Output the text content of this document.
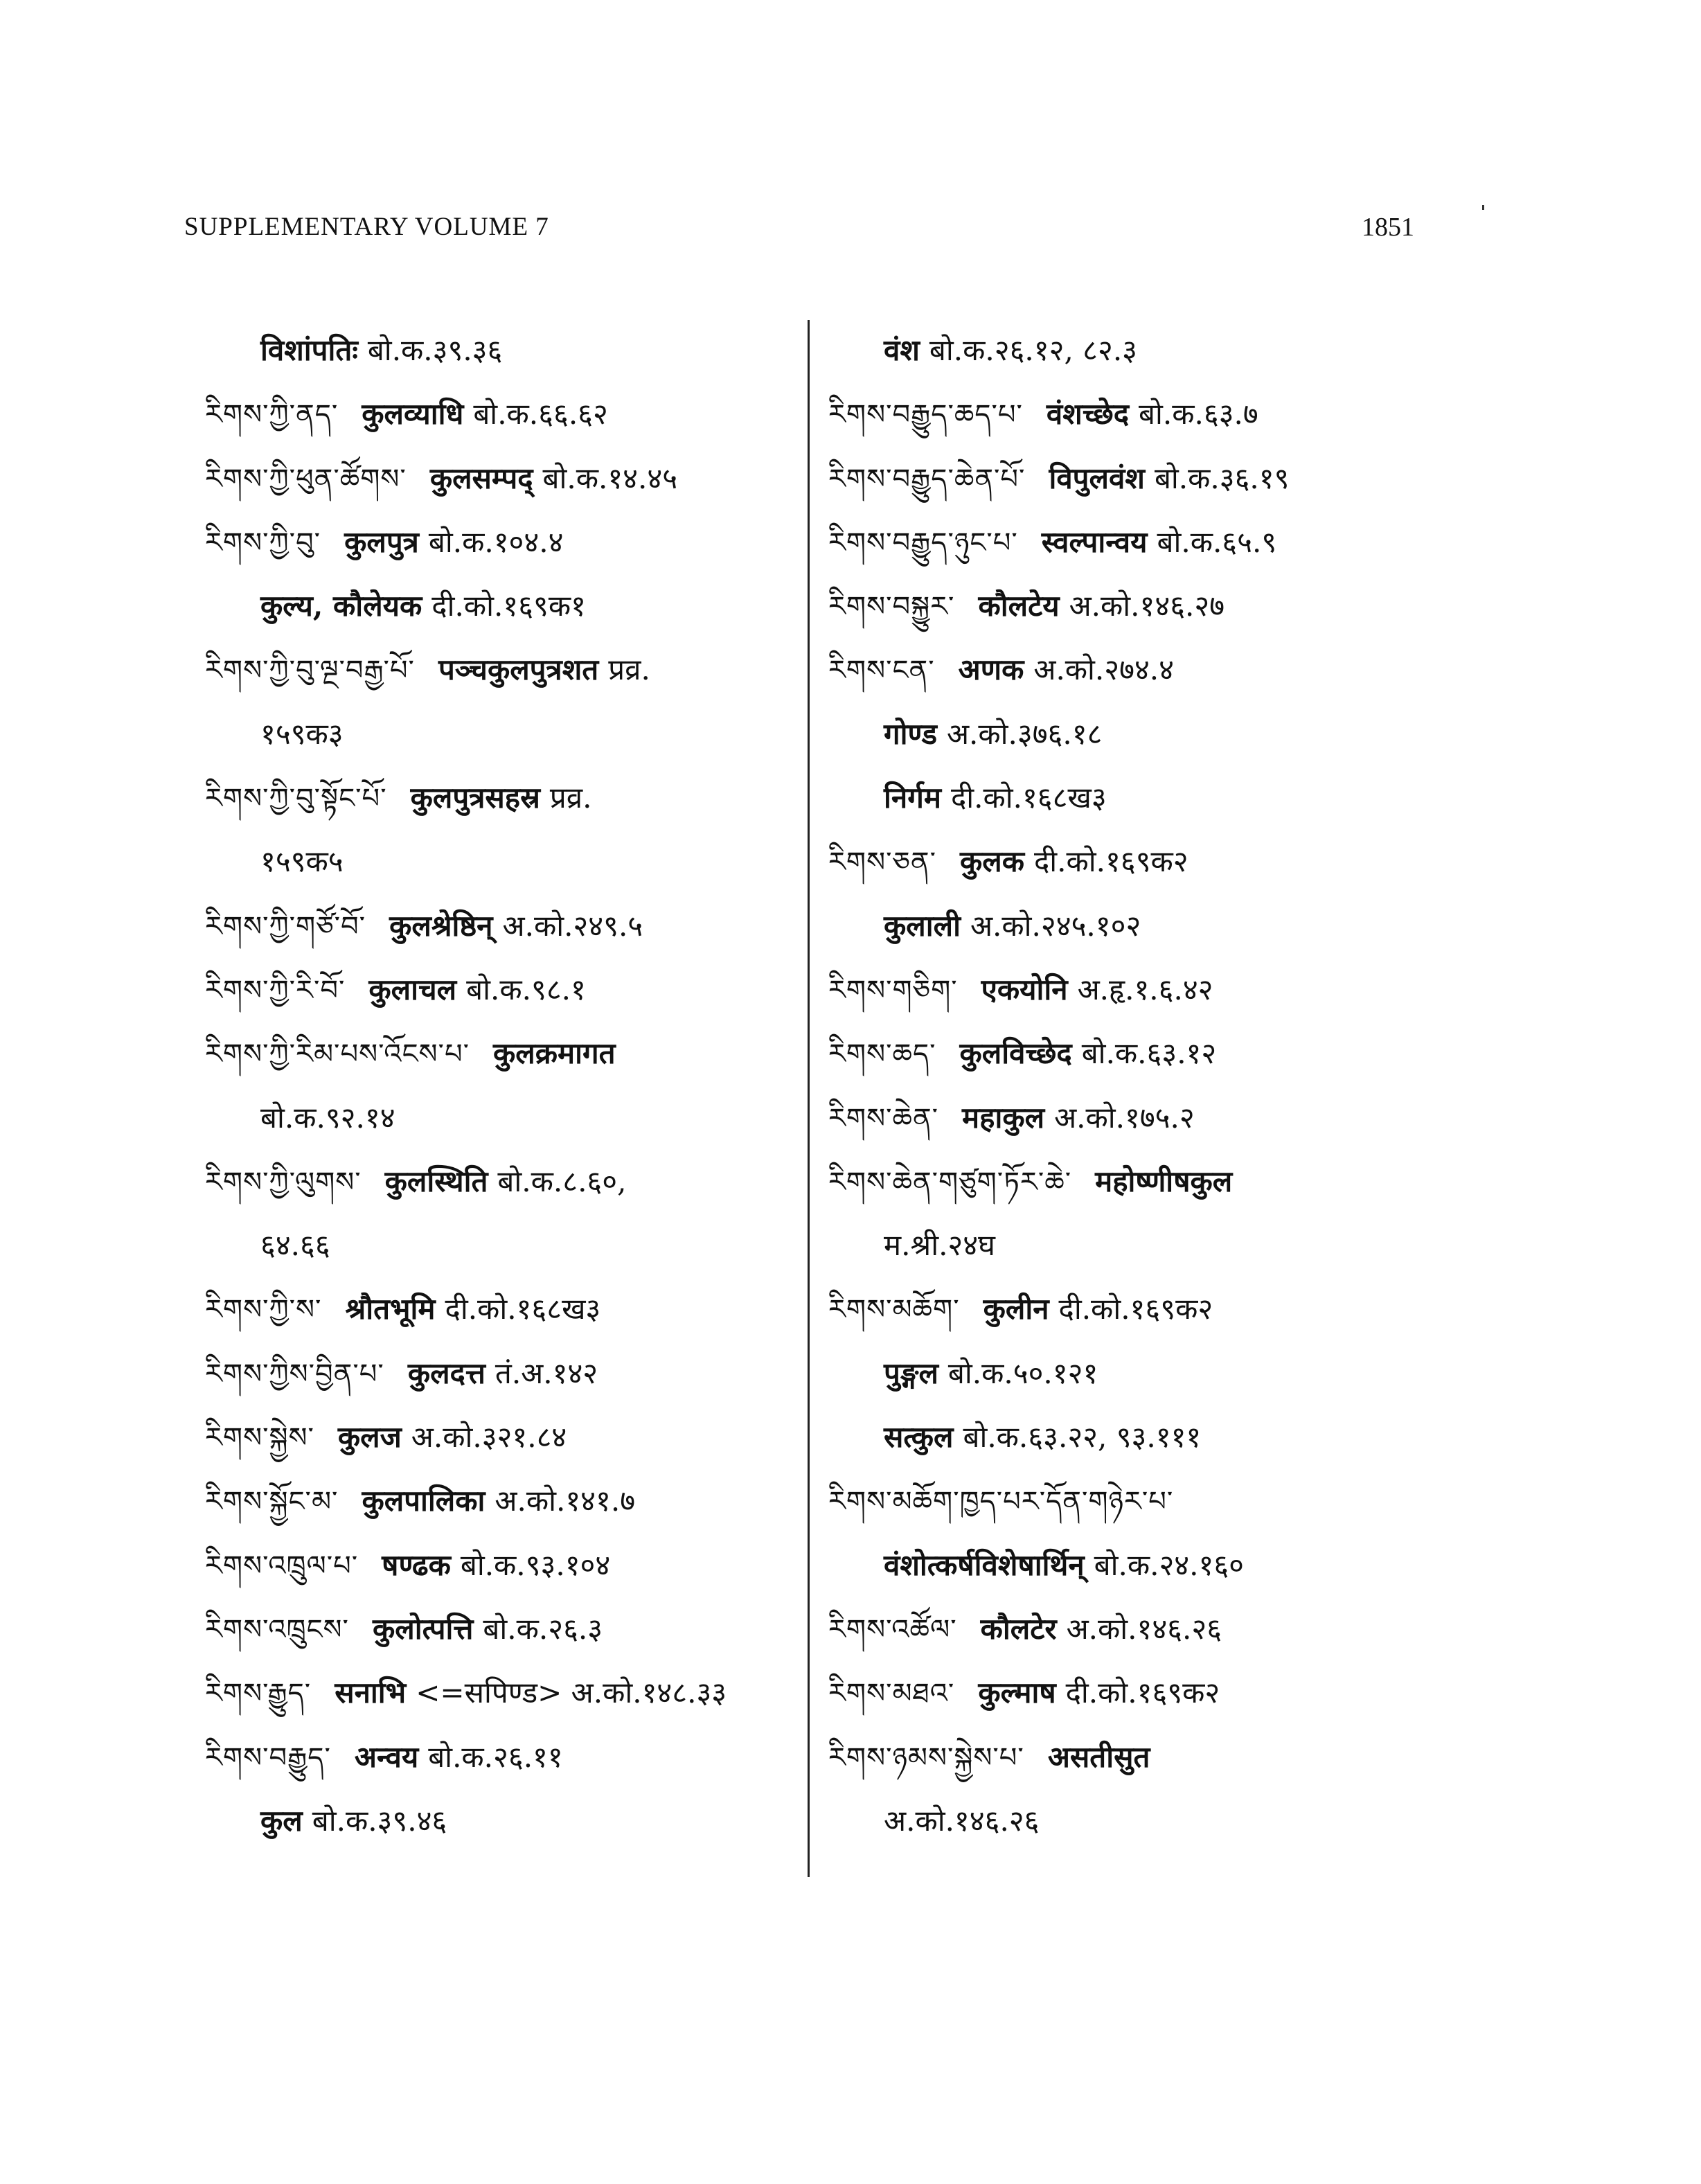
SUPPLEMENTARY VOLUME 7	1851
विशांपतिः बो.क.३९.३६
རིགས་ཀྱི་ནད་ कुलव्याधि बो.क.६६.६२
རིགས་ཀྱི་ཕུན་ཚོགས་ कुलसम्पद् बो.क.१४.४५
རིགས་ཀྱི་བུ་ कुलपुत्र बो.क.१०४.४
कुल्य, कौलेयक दी.को.१६९क१
རིགས་ཀྱི་བུ་ལྔ་བརྒྱ་པོ་ पञ्चकुलपुत्रशत प्रव्र.
१५९क३
རིགས་ཀྱི་བུ་སྟོང་པོ་ कुलपुत्रसहस्र प्रव्र.
१५९क५
རིགས་ཀྱི་གཙོ་བོ་ कुलश्रेष्ठिन् अ.को.२४९.५
རིགས་ཀྱི་རི་བོ་ कुलाचल बो.क.९८.१
རིགས་ཀྱི་རིམ་པས་འོངས་པ་ कुलक्रमागत
बो.क.९२.१४
རིགས་ཀྱི་ལུགས་ कुलस्थिति बो.क.८.६०,
६४.६६
རིགས་ཀྱི་ས་ श्रौतभूमि दी.को.१६८ख३
རིགས་ཀྱིས་བྱིན་པ་ कुलदत्त तं.अ.१४२
རིགས་སྐྱེས་ कुलज अ.को.३२१.८४
རིགས་སྐྱོང་མ་ कुलपालिका अ.को.१४१.७
རིགས་འཁྲུལ་པ་ षण्ढक बो.क.९३.१०४
རིགས་འཁྲུངས་ कुलोत्पत्ति बो.क.२६.३
རིགས་རྒྱུད་ सनाभि <=सपिण्ड> अ.को.१४८.३३
རིགས་བརྒྱུད་ अन्वय बो.क.२६.११
कुल बो.क.३९.४६
वंश बो.क.२६.१२, ८२.३
རིགས་བརྒྱུད་ཆད་པ་ वंशच्छेद बो.क.६३.७
རིགས་བརྒྱུད་ཆེན་པོ་ विपुलवंश बो.क.३६.१९
རིགས་བརྒྱུད་ཉུང་པ་ स्वल्पान्वय बो.क.६५.९
རིགས་བསྐྱུར་ कौलटेय अ.को.१४६.२७
རིགས་ངན་ अणक अ.को.२७४.४
गोण्ड अ.को.३७६.१८
निर्गम दी.को.१६८ख३
རིགས་ཅན་ कुलक दी.को.१६९क२
कुलाली अ.को.२४५.१०२
རིགས་གཅིག་ एकयोनि अ.हृ.१.६.४२
རིགས་ཆད་ कुलविच्छेद बो.क.६३.१२
རིགས་ཆེན་ महाकुल अ.को.१७५.२
རིགས་ཆེན་གཙུག་ཏོར་ཆེ་ महोष्णीषकुल
म.श्री.२४घ
རིགས་མཆོག་ कुलीन दी.को.१६९क२
पुङ्गल बो.क.५०.१२१
सत्कुल बो.क.६३.२२, ९३.१११
རིགས་མཆོག་ཁྱད་པར་དོན་གཉེར་པ་
वंशोत्कर्षविशेषार्थिन् बो.क.२४.१६०
རིགས་འཚོལ་ कौलटेर अ.को.१४६.२६
རིགས་མཐའ་ कुल्माष दी.को.१६९क२
རིགས་ཉམས་སྐྱེས་པ་ असतीसुत
अ.को.१४६.२६
